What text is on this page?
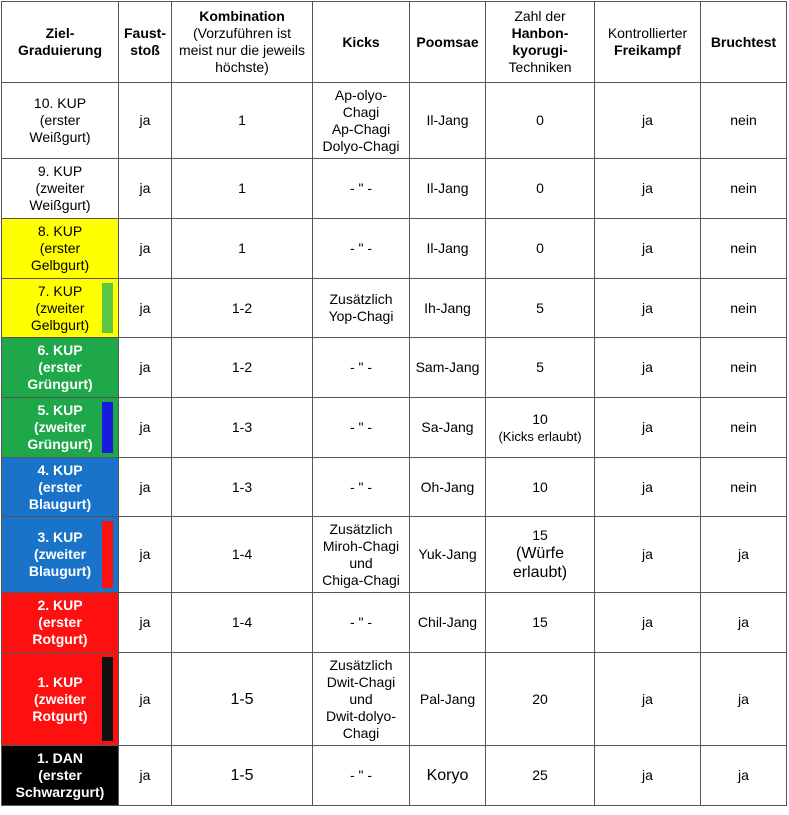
Ziel-
Graduierung	Faust-
stoß	Kombination
(Vorzuführen ist
meist nur die jeweils
höchste)	Kicks	Poomsae	Zahl der
Hanbon-
kyorugi-
Techniken	Kontrollierter
Freikampf	Bruchtest
10. KUP
(erster
Weißgurt)	ja	1	Ap-olyo-
Chagi
Ap-Chagi
Dolyo-Chagi	Il-Jang	0	ja	nein
9. KUP
(zweiter
Weißgurt)	ja	1	- " -	Il-Jang	0	ja	nein
8. KUP
(erster
Gelbgurt)	ja	1	- " -	Il-Jang	0	ja	nein
7. KUP
(zweiter
Gelbgurt)	ja	1-2	Zusätzlich
Yop-Chagi	Ih-Jang	5	ja	nein
6. KUP
(erster
Grüngurt)	ja	1-2	- " -	Sam-Jang	5	ja	nein
5. KUP
(zweiter
Grüngurt)	ja	1-3	- " -	Sa-Jang	10
(Kicks erlaubt)	ja	nein
4. KUP
(erster
Blaugurt)	ja	1-3	- " -	Oh-Jang	10	ja	nein
3. KUP
(zweiter
Blaugurt)	ja	1-4	Zusätzlich
Miroh-Chagi
und
Chiga-Chagi	Yuk-Jang	15
(Würfe erlaubt)	ja	ja
2. KUP
(erster
Rotgurt)	ja	1-4	- " -	Chil-Jang	15	ja	ja
1. KUP
(zweiter
Rotgurt)	ja	1-5	Zusätzlich
Dwit-Chagi
und
Dwit-dolyo-
Chagi	Pal-Jang	20	ja	ja
1. DAN
(erster
Schwarzgurt)	ja	1-5	- " -	Koryo	25	ja	ja
